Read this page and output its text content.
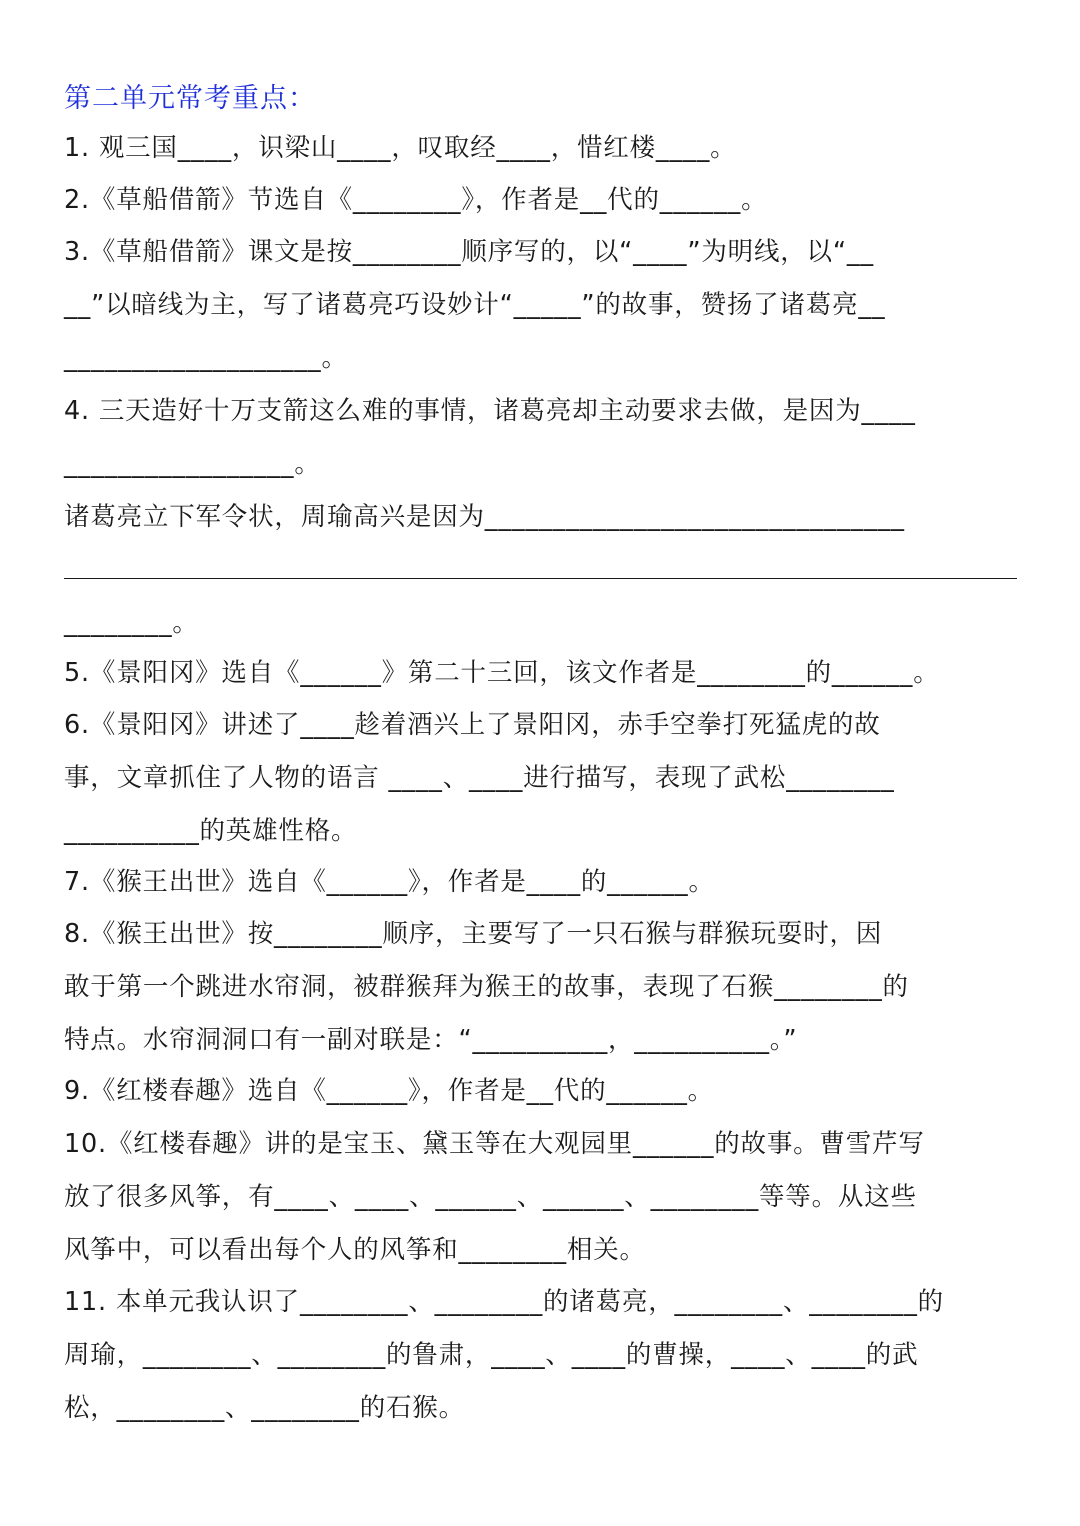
第二单元常考重点：
1. 观三国____，识梁山____，叹取经____，惜红楼____。
2.《草船借箭》节选自《________》，作者是__代的______。
3.《草船借箭》课文是按________顺序写的，以“____”为明线，以“__
__”以暗线为主，写了诸葛亮巧设妙计“_____”的故事，赞扬了诸葛亮__
___________________。
4. 三天造好十万支箭这么难的事情，诸葛亮却主动要求去做，是因为____
_________________。
诸葛亮立下军令状，周瑜高兴是因为_______________________________
________。
5.《景阳冈》选自《______》第二十三回，该文作者是________的______。
6.《景阳冈》讲述了____趁着酒兴上了景阳冈，赤手空拳打死猛虎的故
事，文章抓住了人物的语言 ____、____进行描写，表现了武松________
__________的英雄性格。
7.《猴王出世》选自《______》，作者是____的______。
8.《猴王出世》按________顺序，主要写了一只石猴与群猴玩耍时，因
敢于第一个跳进水帘洞，被群猴拜为猴王的故事，表现了石猴________的
特点。水帘洞洞口有一副对联是：“__________，__________。”
9.《红楼春趣》选自《______》，作者是__代的______。
10.《红楼春趣》讲的是宝玉、黛玉等在大观园里______的故事。曹雪芹写
放了很多风筝，有____、____、______、______、________等等。从这些
风筝中，可以看出每个人的风筝和________相关。
11. 本单元我认识了________、________的诸葛亮，________、________的
周瑜，________、________的鲁肃，____、____的曹操，____、____的武
松，________、________的石猴。
